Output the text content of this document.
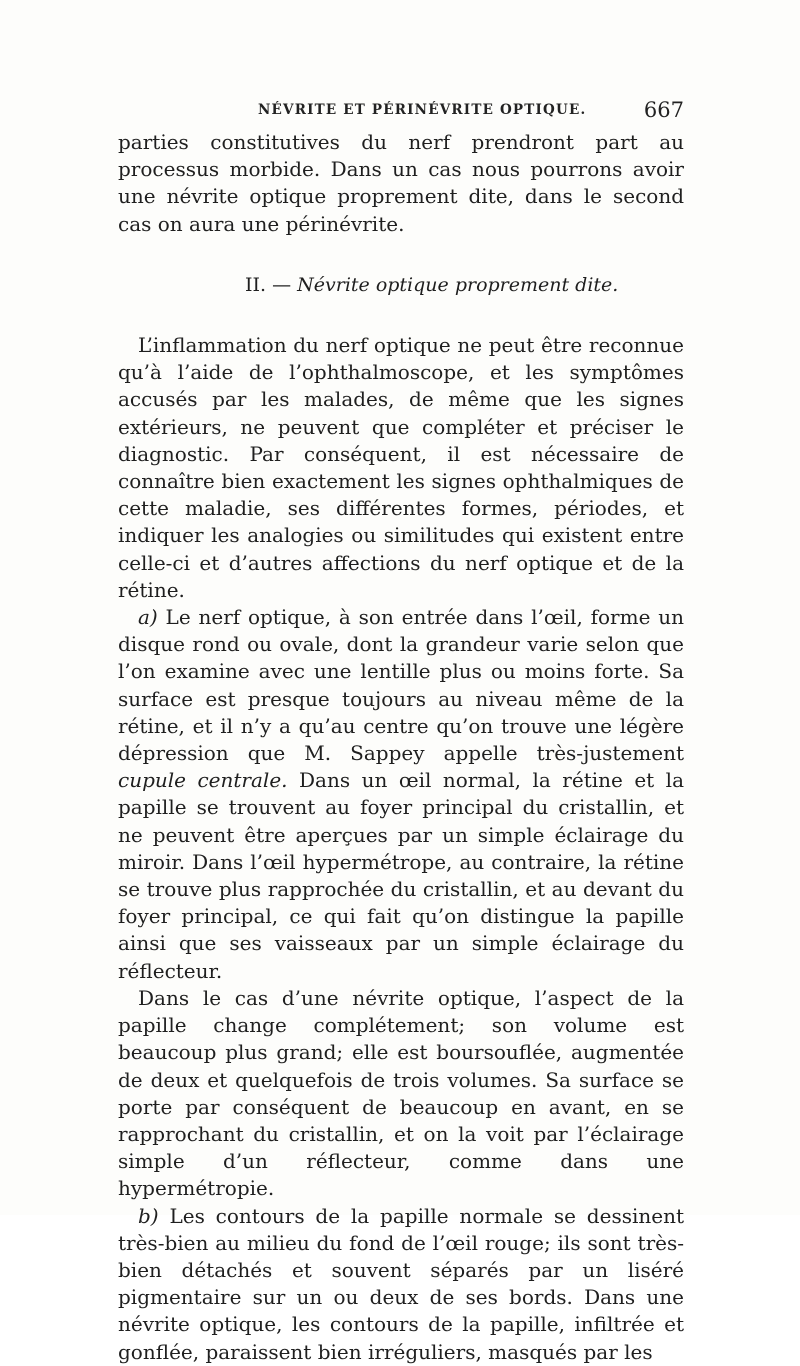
NÉVRITE ET PÉRINÉVRITE OPTIQUE.	667

parties constitutives du nerf prendront part au processus morbide. Dans un cas nous pourrons avoir une névrite optique proprement dite, dans le second cas on aura une périnévrite.

II. — Névrite optique proprement dite.

L’inflammation du nerf optique ne peut être reconnue qu’à l’aide de l’ophthalmoscope, et les symptômes accusés par les malades, de même que les signes extérieurs, ne peuvent que compléter et préciser le diagnostic. Par conséquent, il est nécessaire de connaître bien exactement les signes ophthalmiques de cette maladie, ses différentes formes, périodes, et indiquer les analogies ou similitudes qui existent entre celle-ci et d’autres affections du nerf optique et de la rétine.

a) Le nerf optique, à son entrée dans l’œil, forme un disque rond ou ovale, dont la grandeur varie selon que l’on examine avec une lentille plus ou moins forte. Sa surface est presque toujours au niveau même de la rétine, et il n’y a qu’au centre qu’on trouve une légère dépression que M. Sappey appelle très-justement cupule centrale. Dans un œil normal, la rétine et la papille se trouvent au foyer principal du cristallin, et ne peuvent être aperçues par un simple éclairage du miroir. Dans l’œil hypermétrope, au contraire, la rétine se trouve plus rapprochée du cristallin, et au devant du foyer principal, ce qui fait qu’on distingue la papille ainsi que ses vaisseaux par un simple éclairage du réflecteur.

Dans le cas d’une névrite optique, l’aspect de la papille change complétement; son volume est beaucoup plus grand; elle est boursouflée, augmentée de deux et quelquefois de trois volumes. Sa surface se porte par conséquent de beaucoup en avant, en se rapprochant du cristallin, et on la voit par l’éclairage simple d’un réflecteur, comme dans une hypermétropie.

b) Les contours de la papille normale se dessinent très-bien au milieu du fond de l’œil rouge; ils sont très-bien détachés et souvent séparés par un liséré pigmentaire sur un ou deux de ses bords. Dans une névrite optique, les contours de la papille, infiltrée et gonflée, paraissent bien irréguliers, masqués par les
